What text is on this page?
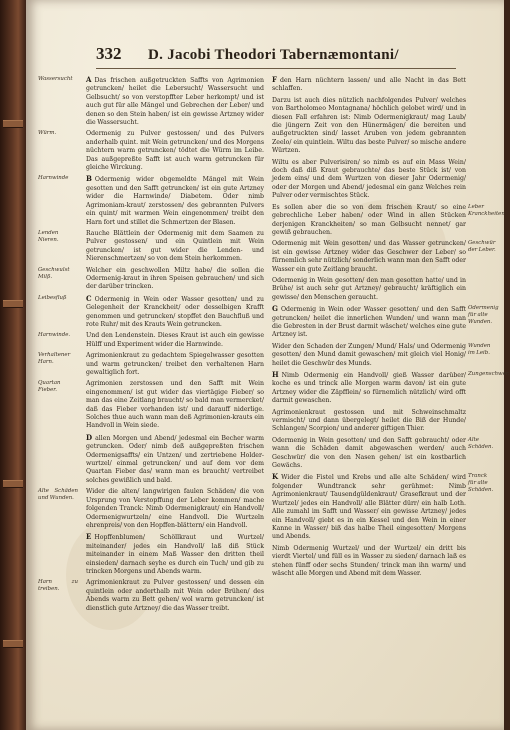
332	D. Jacobi Theodori Tabernæmontani/

Wassersucht	A Das frischen außgetruckten Saffts von Agrimonien getruncken/ heilet die Lebersucht/ Wassersucht und Gelbsucht/ so von verstopffter Leber herkompt/ und ist auch gut für alle Mängel und Gebrechen der Leber/ und denen so den Stein haben/ ist ein gewisse Artzney wider die Wassersucht.

Würm.	Odermenig zu Pulver gestossen/ und des Pulvers anderhalb quint. mit Wein getruncken/ und des Morgens nüchtern warm getruncken/ tödtet die Würm im Leibe. Das außgepreßte Safft ist auch warm getruncken für gleiche Wirckung.

Harnwinde	B Odermenig wider obgemeldte Mängel mit Wein gesotten und den Safft getruncken/ ist ein gute Artzney wider die Harnwinde/ Diabetem. Oder nimb Agrimoniam-kraut/ zerstossen/ des gebrannten Pulvers ein quint/ mit warmen Wein eingenommen/ treibt den Harn fort und stillet die Schmertzen der Blasen.

Lenden Nieren.
Rauche Blättlein der Odermenig mit dem Saamen zu Pulver gestossen/ und ein Quintlein mit Wein getruncken/ ist gut wider die Lenden- und Nierenschmertzen/ so von dem Stein herkommen.

Geschwulst Milß.
Welcher ein geschwollen Miltz habe/ die sollen die Odermenig-kraut in ihren Speisen gebrauchen/ und sich der darüber trincken.

Leibesfluß	C Odermenig in Wein oder Wasser gesotten/ und zu Gelegenheit der Kranckheit/ oder desselbigen Krafft genommen und getruncken/ stopffet den Bauchfluß und rote Ruhr/ mit des Krauts Wein getruncken.

Harnwinde.	Und den Lendenstein. Dieses Kraut ist auch ein gewisse Hülff und Experiment wider die Harnwinde.

Verhaltener Harn.
Agrimonienkraut zu gedachtem Spiegelwasser gesotten und warm getruncken/ treibet den verhaltenen Harn gewaltiglich fort.

Quartan Fieber.
Agrimonien zerstossen und den Safft mit Wein eingenommen/ ist gut wider das viertägige Fieber/ so man das eine Zeitlang braucht/ so bald man vermercket/ daß das Fieber vorhanden ist/ und darauff niderlige. Solches thue auch wann man deß Agrimonien-krauts ein Handvoll in Wein siede.

D allen Morgen und Abend/ jedesmal ein Becher warm getruncken. Oder/ nimb deß außgepreßten frischen Odermenigsaffts/ ein Untzen/ und zertriebene Holder-wurtzel/ einmal getruncken/ und auf dem vor dem Quartan Fieber das/ wann man es braucht/ vertreibet solches gewißlich und bald.

Alte Schäden und Wunden.
Wider die alten/ langwirigen faulen Schäden/ die von Ursprung von Verstopffung der Leber kommen/ mache folgenden Tranck: Nimb Odermenigkraut/ ein Handvoll/ Odermenigwurtzeln/ eine Handvoll. Die Wurtzeln ehrenpreis/ von den Hopffen-blättern/ ein Handvoll.

E Hopffenblumen/ Schöllkraut und Wurtzel/ miteinander/ jedes ein Handvoll/ laß diß Stück miteinander in einem Maß Wasser den dritten theil einsieden/ darnach seyhe es durch ein Tuch/ und gib zu trincken Morgens und Abends warm.

Harn zu treiben.
Agrimonienkraut zu Pulver gestossen/ und dessen ein quintlein oder anderthalb mit Wein oder Brühen/ des Abends warm zu Bett gehen/ wol warm getruncken/ ist dienstlich gute Artzney/ die das Wasser treibt.

F den Harn nüchtern lassen/ und alle Nacht in das Bett schlaffen.

Darzu ist auch dies nützlich nachfolgendes Pulver/ welches von Bartholomeo Montagnana/ höchlich gelobet wird/ und in diesen Fall erfahren ist: Nimb Odermenigkraut/ mag Laub/ die jüngern Zeit von den Hünermägen/ die bereiten und außgetruckten sind/ lasset Aruben von jedem gebrannten Zeelo/ ein quintlein. Wiltu das beste Pulver/ so mische andere Würtzen.

Wiltu es aber Pulverisiren/ so nimb es auf ein Mass Wein/ doch daß diß Kraut gebrauchte/ das beste Stück ist/ von jedem eins/ und dem Wurtzen von dieser Jahr Odermenig/ oder der Morgen und Abend/ jedesmal ein ganz Welches rein Pulver oder vermischtes Stück.

Leber Kranckheiten
Es sollen aber die so von dem frischen Kraut/ so eine gebrechliche Leber haben/ oder Wind in allen Stücken derjenigen Kranckheiten/ so man Gelbsucht nennet/ gar gewiß gebrauchen.

Geschwür der Leber.
Odermenig mit Wein gesotten/ und das Wasser getruncken/ ist ein gewisse Artzney wider das Geschwer der Leber/ so fürnemlich sehr nützlich/ sonderlich wann man den Safft oder Wasser ein gute Zeitlang braucht.

Odermenig in Wein gesotten/ den man gesotten hatte/ und in Brühe/ ist auch sehr gut Artzney/ gebraucht/ kräftiglich ein gewisse/ den Menschen geraucht.

Odermenig für alte Wunden.
G Odermenig in Wein oder Wasser gesotten/ und den Safft getruncken/ heilet die innerlichen Wunden/ und wann man die Gebresten in der Brust darmit wäschet/ welches eine gute Artzney ist.

Wunden im Leib.
Wider den Schaden der Zungen/ Mund/ Hals/ und Odermenig gesotten/ den Mund damit gewaschen/ mit gleich viel Honig/ heilet die Geschwür des Munds.

Zungenschwer.
H Nimb Odermenig ein Handvoll/ gieß Wasser darüber/ koche es und trinck alle Morgen warm davon/ ist ein gute Artzney wider die Zäpfflein/ so fürnemlich nützlich/ wird offt darmit gewaschen.

Agrimonienkraut gestossen und mit Schweinschmaltz vermischt/ und dann übergelegt/ heilet die Biß der Hunde/ Schlangen/ Scorpion/ und anderer giftigen Thier.

Alte Schäden.
Odermenig in Wein gesotten/ und den Safft gebraucht/ oder wann die Schäden damit abgewaschen werden/ auch Geschwür/ die von den Nasen gehen/ ist ein kostbarlich Gewächs.

Tranck für alte Schäden.
K Wider die Fistel und Krebs und alle alte Schäden/ wird folgender Wundtranck sehr gerühmet: Nimb Agrimonienkraut/ Tausendgüldenkraut/ Grasefkraut und der Wurtzel/ jedes ein Handvoll/ alle Blätter dürr/ ein halb Loth. Alle zumahl im Safft und Wasser/ ein gewisse Artzney/ jedes ein Handvoll/ giebt es in ein Kessel und den Wein in einer Kanne in Wasser/ biß das halbe Theil eingesotten/ Morgens und Abends.

Nimb Odermenig Wurtzel/ und der Wurtzel/ ein dritt bis vierdt Viertel/ und füll es in Wasser zu sieden/ darnach laß es stehen fünff oder sechs Stunden/ trinck man ihn warm/ und wäscht alle Morgen und Abend mit dem Wasser.
